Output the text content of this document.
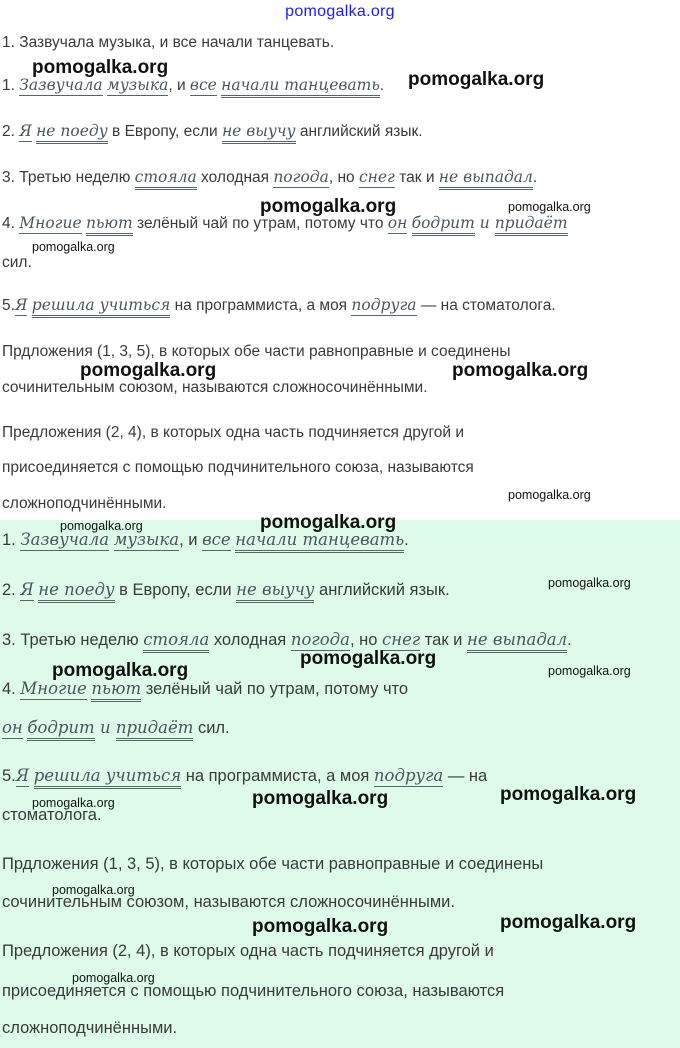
pomogalka.org
1. Зазвучала музыка, и все начали танцевать.
1. Зазвучала музыка, и все начали танцевать.
2. Я не поеду в Европу, если не выучу английский язык.
3. Третью неделю стояла холодная погода, но снег так и не выпадал.
4. Многие пьют зелёный чай по утрам, потому что он бодрит и придаёт
сил.
5.Я решила учиться на программиста, а моя подруга — на стоматолога.
Прдложения (1, 3, 5), в которых обе части равноправные и соединены
сочинительным союзом, называются сложносочинёнными.
Предложения (2, 4), в которых одна часть подчиняется другой и
присоединяется с помощью подчинительного союза, называются
сложноподчинёнными.
1. Зазвучала музыка, и все начали танцевать.
2. Я не поеду в Европу, если не выучу английский язык.
3. Третью неделю стояла холодная погода, но снег так и не выпадал.
4. Многие пьют зелёный чай по утрам, потому что
он бодрит и придаёт сил.
5.Я решила учиться на программиста, а моя подруга — на
стоматолога.
Прдложения (1, 3, 5), в которых обе части равноправные и соединены
сочинительным союзом, называются сложносочинёнными.
Предложения (2, 4), в которых одна часть подчиняется другой и
присоединяется с помощью подчинительного союза, называются
сложноподчинёнными.
pomogalka.org
pomogalka.org
pomogalka.org	pomogalka.org
pomogalka.org
pomogalka.org	pomogalka.org
pomogalka.org
pomogalka.org	pomogalka.org
pomogalka.org
pomogalka.org
pomogalka.org	pomogalka.org
pomogalka.org	pomogalka.org	pomogalka.org
pomogalka.org
pomogalka.org	pomogalka.org
pomogalka.org
